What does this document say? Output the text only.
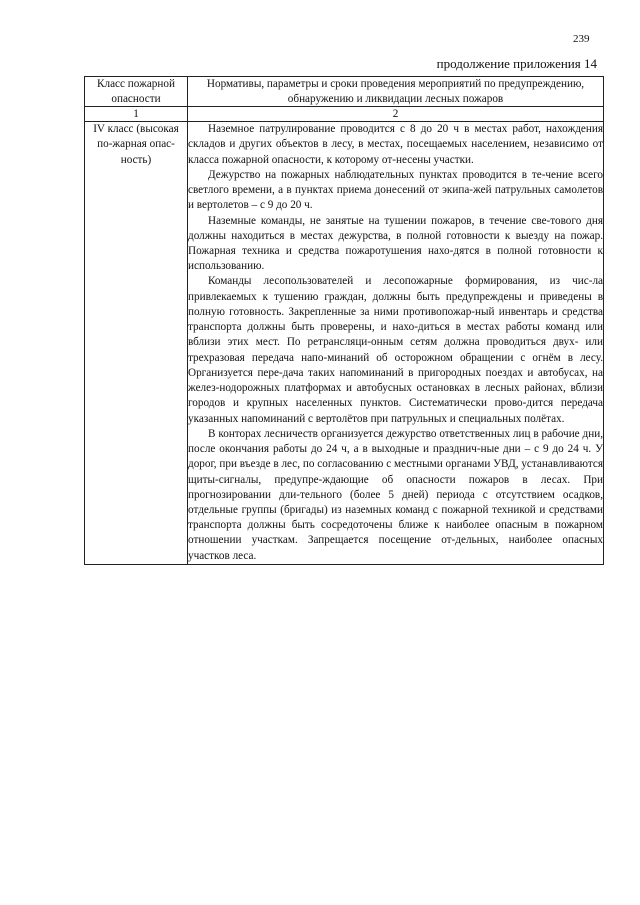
239
продолжение приложения 14
Класс пожарной опасности	Нормативы, параметры и сроки проведения мероприятий по предупреждению, обнаружению и ликвидации лесных пожаров
1	2
IV класс (высокая по-жарная опас-ность)	Наземное патрулирование проводится с 8 до 20 ч в местах работ, нахождения складов и других объектов в лесу, в местах, посещаемых населением, независимо от класса пожарной опасности, к которому от-несены участки.

Дежурство на пожарных наблюдательных пунктах проводится в те-чение всего светлого времени, а в пунктах приема донесений от экипа-жей патрульных самолетов и вертолетов – с 9 до 20 ч.

Наземные команды, не занятые на тушении пожаров, в течение све-тового дня должны находиться в местах дежурства, в полной готовности к выезду на пожар. Пожарная техника и средства пожаротушения нахо-дятся в полной готовности к использованию.

Команды лесопользователей и лесопожарные формирования, из чис-ла привлекаемых к тушению граждан, должны быть предупреждены и приведены в полную готовность. Закрепленные за ними противопожар-ный инвентарь и средства транспорта должны быть проверены, и нахо-диться в местах работы команд или вблизи этих мест. По ретрансляци-онным сетям должна проводиться двух- или трехразовая передача напо-минаний об осторожном обращении с огнём в лесу. Организуется пере-дача таких напоминаний в пригородных поездах и автобусах, на желез-нодорожных платформах и автобусных остановках в лесных районах, вблизи городов и крупных населенных пунктов. Систематически прово-дится передача указанных напоминаний с вертолётов при патрульных и специальных полётах.

В конторах лесничеств организуется дежурство ответственных лиц в рабочие дни, после окончания работы до 24 ч, а в выходные и празднич-ные дни – с 9 до 24 ч. У дорог, при въезде в лес, по согласованию с местными органами УВД, устанавливаются щиты-сигналы, предупре-ждающие об опасности пожаров в лесах. При прогнозировании дли-тельного (более 5 дней) периода с отсутствием осадков, отдельные группы (бригады) из наземных команд с пожарной техникой и средствами транспорта должны быть сосредоточены ближе к наиболее опасным в пожарном отношении участкам. Запрещается посещение от-дельных, наиболее опасных участков леса.
